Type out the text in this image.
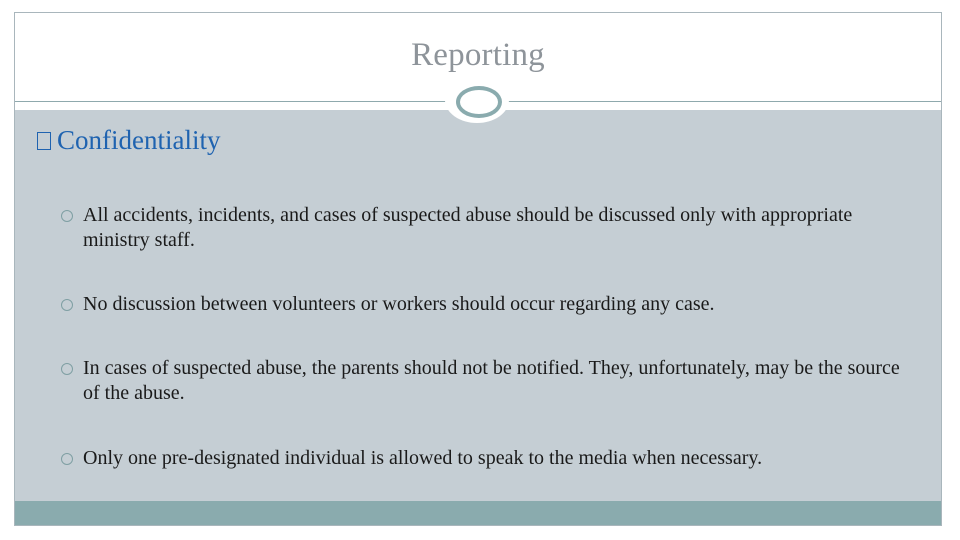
Reporting
Confidentiality
All accidents, incidents, and cases of suspected abuse should be discussed only with appropriate ministry staff.
No discussion between volunteers or workers should occur regarding any case.
In cases of suspected abuse, the parents should not be notified. They, unfortunately, may be the source of the abuse.
Only one pre-designated individual is allowed to speak to the media when necessary.
